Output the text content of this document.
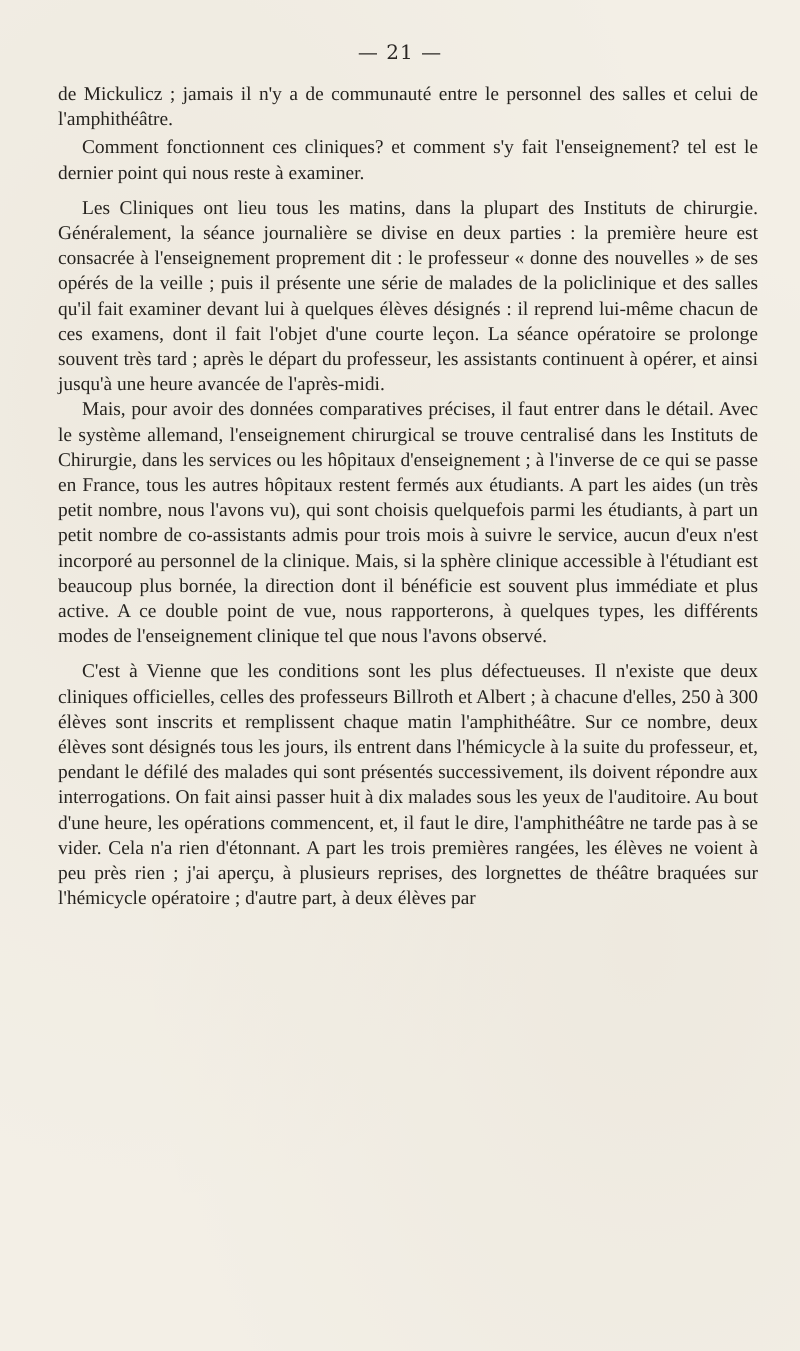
— 21 —

de Mickulicz ; jamais il n'y a de communauté entre le personnel des salles et celui de l'amphithéâtre.

Comment fonctionnent ces cliniques? et comment s'y fait l'enseignement? tel est le dernier point qui nous reste à examiner.

Les Cliniques ont lieu tous les matins, dans la plupart des Instituts de chirurgie. Généralement, la séance journalière se divise en deux parties : la première heure est consacrée à l'enseignement proprement dit : le professeur « donne des nouvelles » de ses opérés de la veille ; puis il présente une série de malades de la policlinique et des salles qu'il fait examiner devant lui à quelques élèves désignés : il reprend lui-même chacun de ces examens, dont il fait l'objet d'une courte leçon. La séance opératoire se prolonge souvent très tard ; après le départ du professeur, les assistants continuent à opérer, et ainsi jusqu'à une heure avancée de l'après-midi.

Mais, pour avoir des données comparatives précises, il faut entrer dans le détail. Avec le système allemand, l'enseignement chirurgical se trouve centralisé dans les Instituts de Chirurgie, dans les services ou les hôpitaux d'enseignement ; à l'inverse de ce qui se passe en France, tous les autres hôpitaux restent fermés aux étudiants. A part les aides (un très petit nombre, nous l'avons vu), qui sont choisis quelquefois parmi les étudiants, à part un petit nombre de co-assistants admis pour trois mois à suivre le service, aucun d'eux n'est incorporé au personnel de la clinique. Mais, si la sphère clinique accessible à l'étudiant est beaucoup plus bornée, la direction dont il bénéficie est souvent plus immédiate et plus active. A ce double point de vue, nous rapporterons, à quelques types, les différents modes de l'enseignement clinique tel que nous l'avons observé.

C'est à Vienne que les conditions sont les plus défectueuses. Il n'existe que deux cliniques officielles, celles des professeurs Billroth et Albert ; à chacune d'elles, 250 à 300 élèves sont inscrits et remplissent chaque matin l'amphithéâtre. Sur ce nombre, deux élèves sont désignés tous les jours, ils entrent dans l'hémicycle à la suite du professeur, et, pendant le défilé des malades qui sont présentés successivement, ils doivent répondre aux interrogations. On fait ainsi passer huit à dix malades sous les yeux de l'auditoire. Au bout d'une heure, les opérations commencent, et, il faut le dire, l'amphithéâtre ne tarde pas à se vider. Cela n'a rien d'étonnant. A part les trois premières rangées, les élèves ne voient à peu près rien ; j'ai aperçu, à plusieurs reprises, des lorgnettes de théâtre braquées sur l'hémicycle opératoire ; d'autre part, à deux élèves par
